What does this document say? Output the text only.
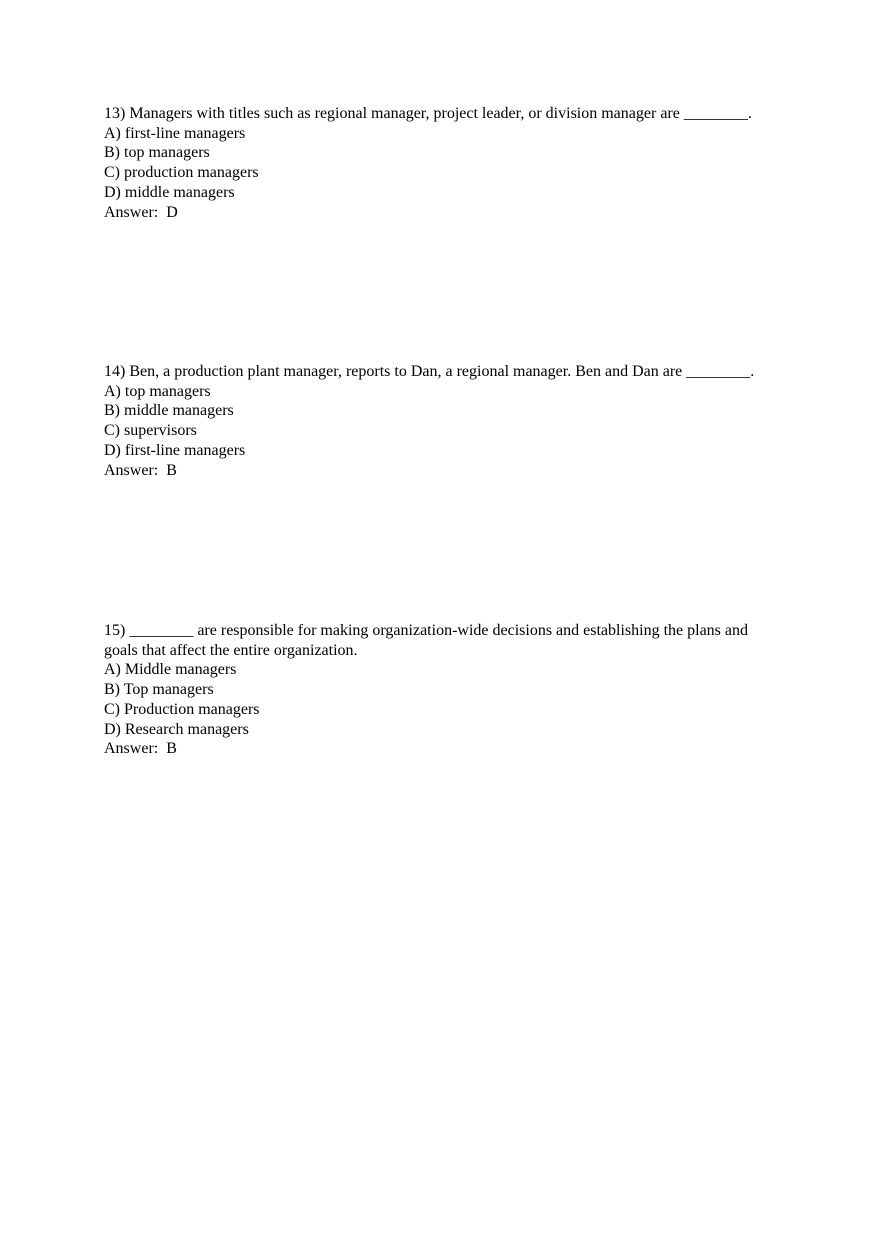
13) Managers with titles such as regional manager, project leader, or division manager are ________.
A) first-line managers
B) top managers
C) production managers
D) middle managers
Answer:  D
14) Ben, a production plant manager, reports to Dan, a regional manager. Ben and Dan are ________.
A) top managers
B) middle managers
C) supervisors
D) first-line managers
Answer:  B
15) ________ are responsible for making organization-wide decisions and establishing the plans and goals that affect the entire organization.
A) Middle managers
B) Top managers
C) Production managers
D) Research managers
Answer:  B
